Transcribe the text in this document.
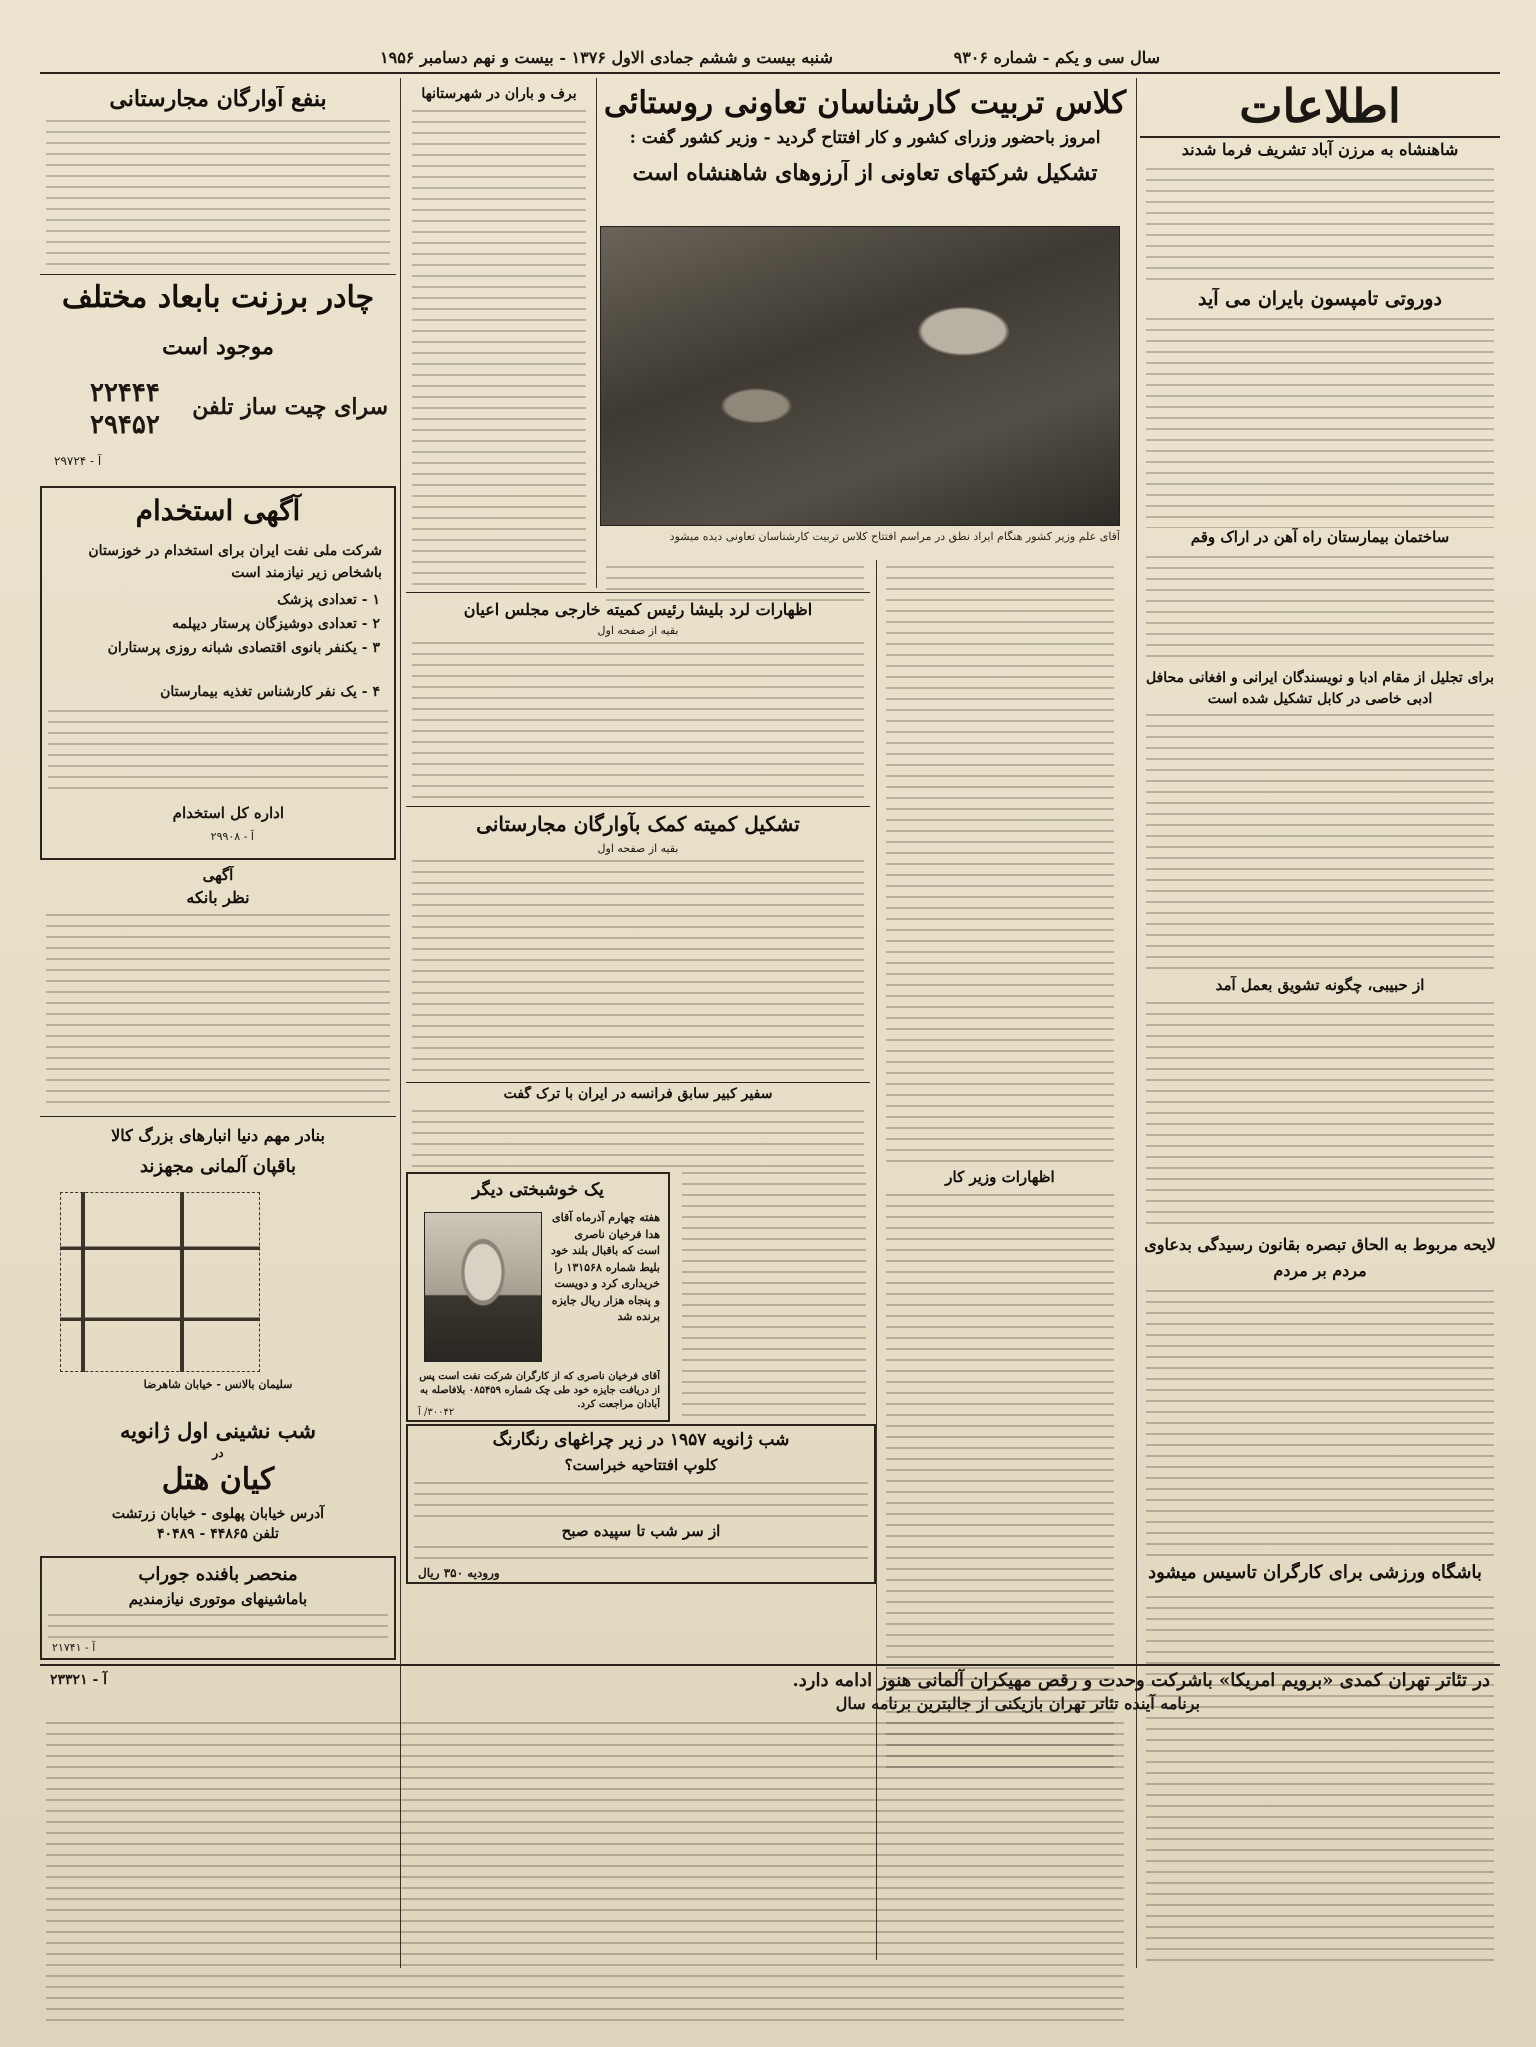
سال سی و یکم - شماره ۹۳۰۶
شنبه بیست و ششم جمادی الاول ۱۳۷۶ - بیست و نهم دسامبر ۱۹۵۶
اطلاعات
شاهنشاه به مرزن آباد تشریف فرما شدند
دوروتی تامپسون بایران می آید
ساختمان بیمارستان راه آهن در اراک وقم
برای تجلیل از مقام ادبا و نویسندگان ایرانی و افغانی محافل ادبی خاصی در کابل تشکیل شده است
از حبیبی، چگونه تشویق بعمل آمد
لایحه مربوط به الحاق تبصره بقانون رسیدگی بدعاوی مردم بر مردم
باشگاه ورزشی برای کارگران تاسیس میشود
کلاس تربیت کارشناسان تعاونی روستائی
امروز باحضور وزرای کشور و کار افتتاح گردید - وزیر کشور گفت :
تشکیل شرکتهای تعاونی از آرزوهای شاهنشاه است
آقای علم وزیر کشور هنگام ایراد نطق در مراسم افتتاح کلاس تربیت کارشناسان تعاونی دیده میشود
اظهارات وزیر کار
اظهارات لرد بلیشا رئیس کمیته خارجی مجلس اعیان
بقیه از صفحه اول
تشکیل کمیته کمک بآوارگان مجارستانی
بقیه از صفحه اول
سفیر کبیر سابق فرانسه در ایران با ترک گفت
یک خوشبختی دیگر
هفته چهارم آذرماه آقای هدا فرخیان ناصری است که باقبال بلند خود بلیط شماره ۱۳۱۵۶۸ را خریداری کرد و دویست و پنجاه هزار ریال جایزه برنده شد
آقای فرخیان ناصری که از کارگران شرکت نفت است پس از دریافت جایزه خود طی چک شماره ۰۸۵۴۵۹ بلافاصله به آبادان مراجعت کرد.
۳۰۰۴۲/ آ
شب ژانویه ۱۹۵۷ در زیر چراغهای رنگارنگ
کلوپ افتتاحیه خبراست؟
از سر شب تا سپیده صبح
ورودیه ۳۵۰ ریال
برف و باران در شهرستانها
بنفع آوارگان مجارستانی
چادر برزنت بابعاد مختلف
موجود است
۲۲۴۴۴
۲۹۴۵۲
سرای چیت ساز تلفن
آ - ۲۹۷۲۴
آگهی استخدام
شرکت ملی نفت ایران برای استخدام در خوزستان باشخاص زیر نیازمند است
۱ - تعدادی پزشک
۲ - تعدادی دوشیزگان پرستار دیپلمه
۳ - یکنفر بانوی اقتصادی شبانه روزی پرستاران
۴ - یک نفر کارشناس تغذیه بیمارستان
اداره کل استخدام
آ - ۲۹۹۰۸
آگهی
نظر بانکه
بنادر مهم دنیا انبارهای بزرگ کالا
باقپان آلمانی مجهزند
سلیمان بالانس - خیابان شاهرضا
شب نشینی اول ژانویه
در
کیان هتل
آدرس خیابان پهلوی - خیابان زرتشت
تلفن ۴۴۸۶۵ - ۴۰۴۸۹
منحصر بافنده جوراب
باماشینهای موتوری نیازمندیم
آ - ۲۱۷۴۱
در تئاتر تهران کمدی «برویم امریکا» باشرکت وحدت و رقص مهیکران آلمانی هنوز ادامه دارد.
برنامه آینده تئاتر تهران بازیکنی از جالبترین برنامه سال
آ - ۲۳۳۲۱
